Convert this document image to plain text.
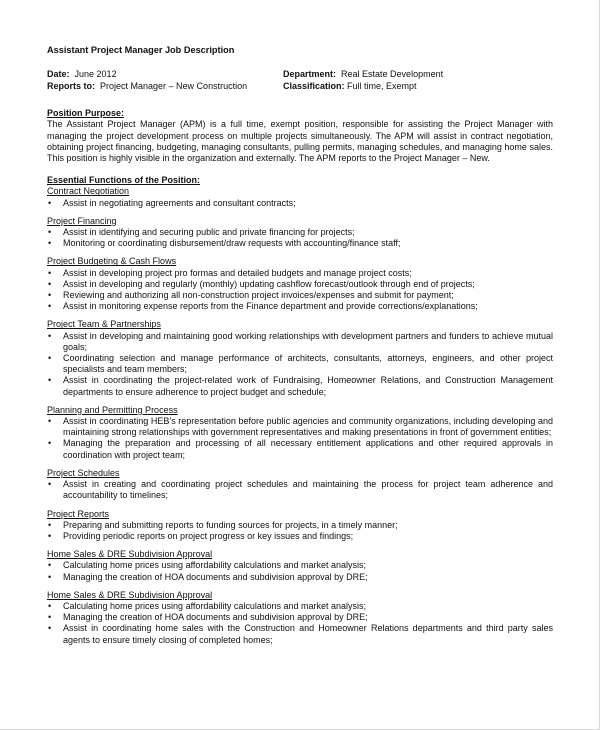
Assistant Project Manager Job Description
Date: June 2012	Department: Real Estate Development
Reports to: Project Manager – New Construction	Classification: Full time, Exempt
Position Purpose:
The Assistant Project Manager (APM) is a full time, exempt position, responsible for assisting the Project Manager with managing the project development process on multiple projects simultaneously. The APM will assist in contract negotiation, obtaining project financing, budgeting, managing consultants, pulling permits, managing schedules, and managing home sales. This position is highly visible in the organization and externally. The APM reports to the Project Manager – New.
Essential Functions of the Position:
Contract Negotiation
• Assist in negotiating agreements and consultant contracts;
Project Financing
• Assist in identifying and securing public and private financing for projects;
• Monitoring or coordinating disbursement/draw requests with accounting/finance staff;
Project Budgeting & Cash Flows
• Assist in developing project pro formas and detailed budgets and manage project costs;
• Assist in developing and regularly (monthly) updating cashflow forecast/outlook through end of projects;
• Reviewing and authorizing all non-construction project invoices/expenses and submit for payment;
• Assist in monitoring expense reports from the Finance department and provide corrections/explanations;
Project Team & Partnerships
• Assist in developing and maintaining good working relationships with development partners and funders to achieve mutual goals;
• Coordinating selection and manage performance of architects, consultants, attorneys, engineers, and other project specialists and team members;
• Assist in coordinating the project-related work of Fundraising, Homeowner Relations, and Construction Management departments to ensure adherence to project budget and schedule;
Planning and Permitting Process
• Assist in coordinating HEB’s representation before public agencies and community organizations, including developing and maintaining strong relationships with government representatives and making presentations in front of government entities;
• Managing the preparation and processing of all necessary entitlement applications and other required approvals in coordination with project team;
Project Schedules
• Assist in creating and coordinating project schedules and maintaining the process for project team adherence and accountability to timelines;
Project Reports
• Preparing and submitting reports to funding sources for projects, in a timely manner;
• Providing periodic reports on project progress or key issues and findings;
Home Sales & DRE Subdivision Approval
• Calculating home prices using affordability calculations and market analysis;
• Managing the creation of HOA documents and subdivision approval by DRE;
Home Sales & DRE Subdivision Approval
• Calculating home prices using affordability calculations and market analysis;
• Managing the creation of HOA documents and subdivision approval by DRE;
• Assist in coordinating home sales with the Construction and Homeowner Relations departments and third party sales agents to ensure timely closing of completed homes;
